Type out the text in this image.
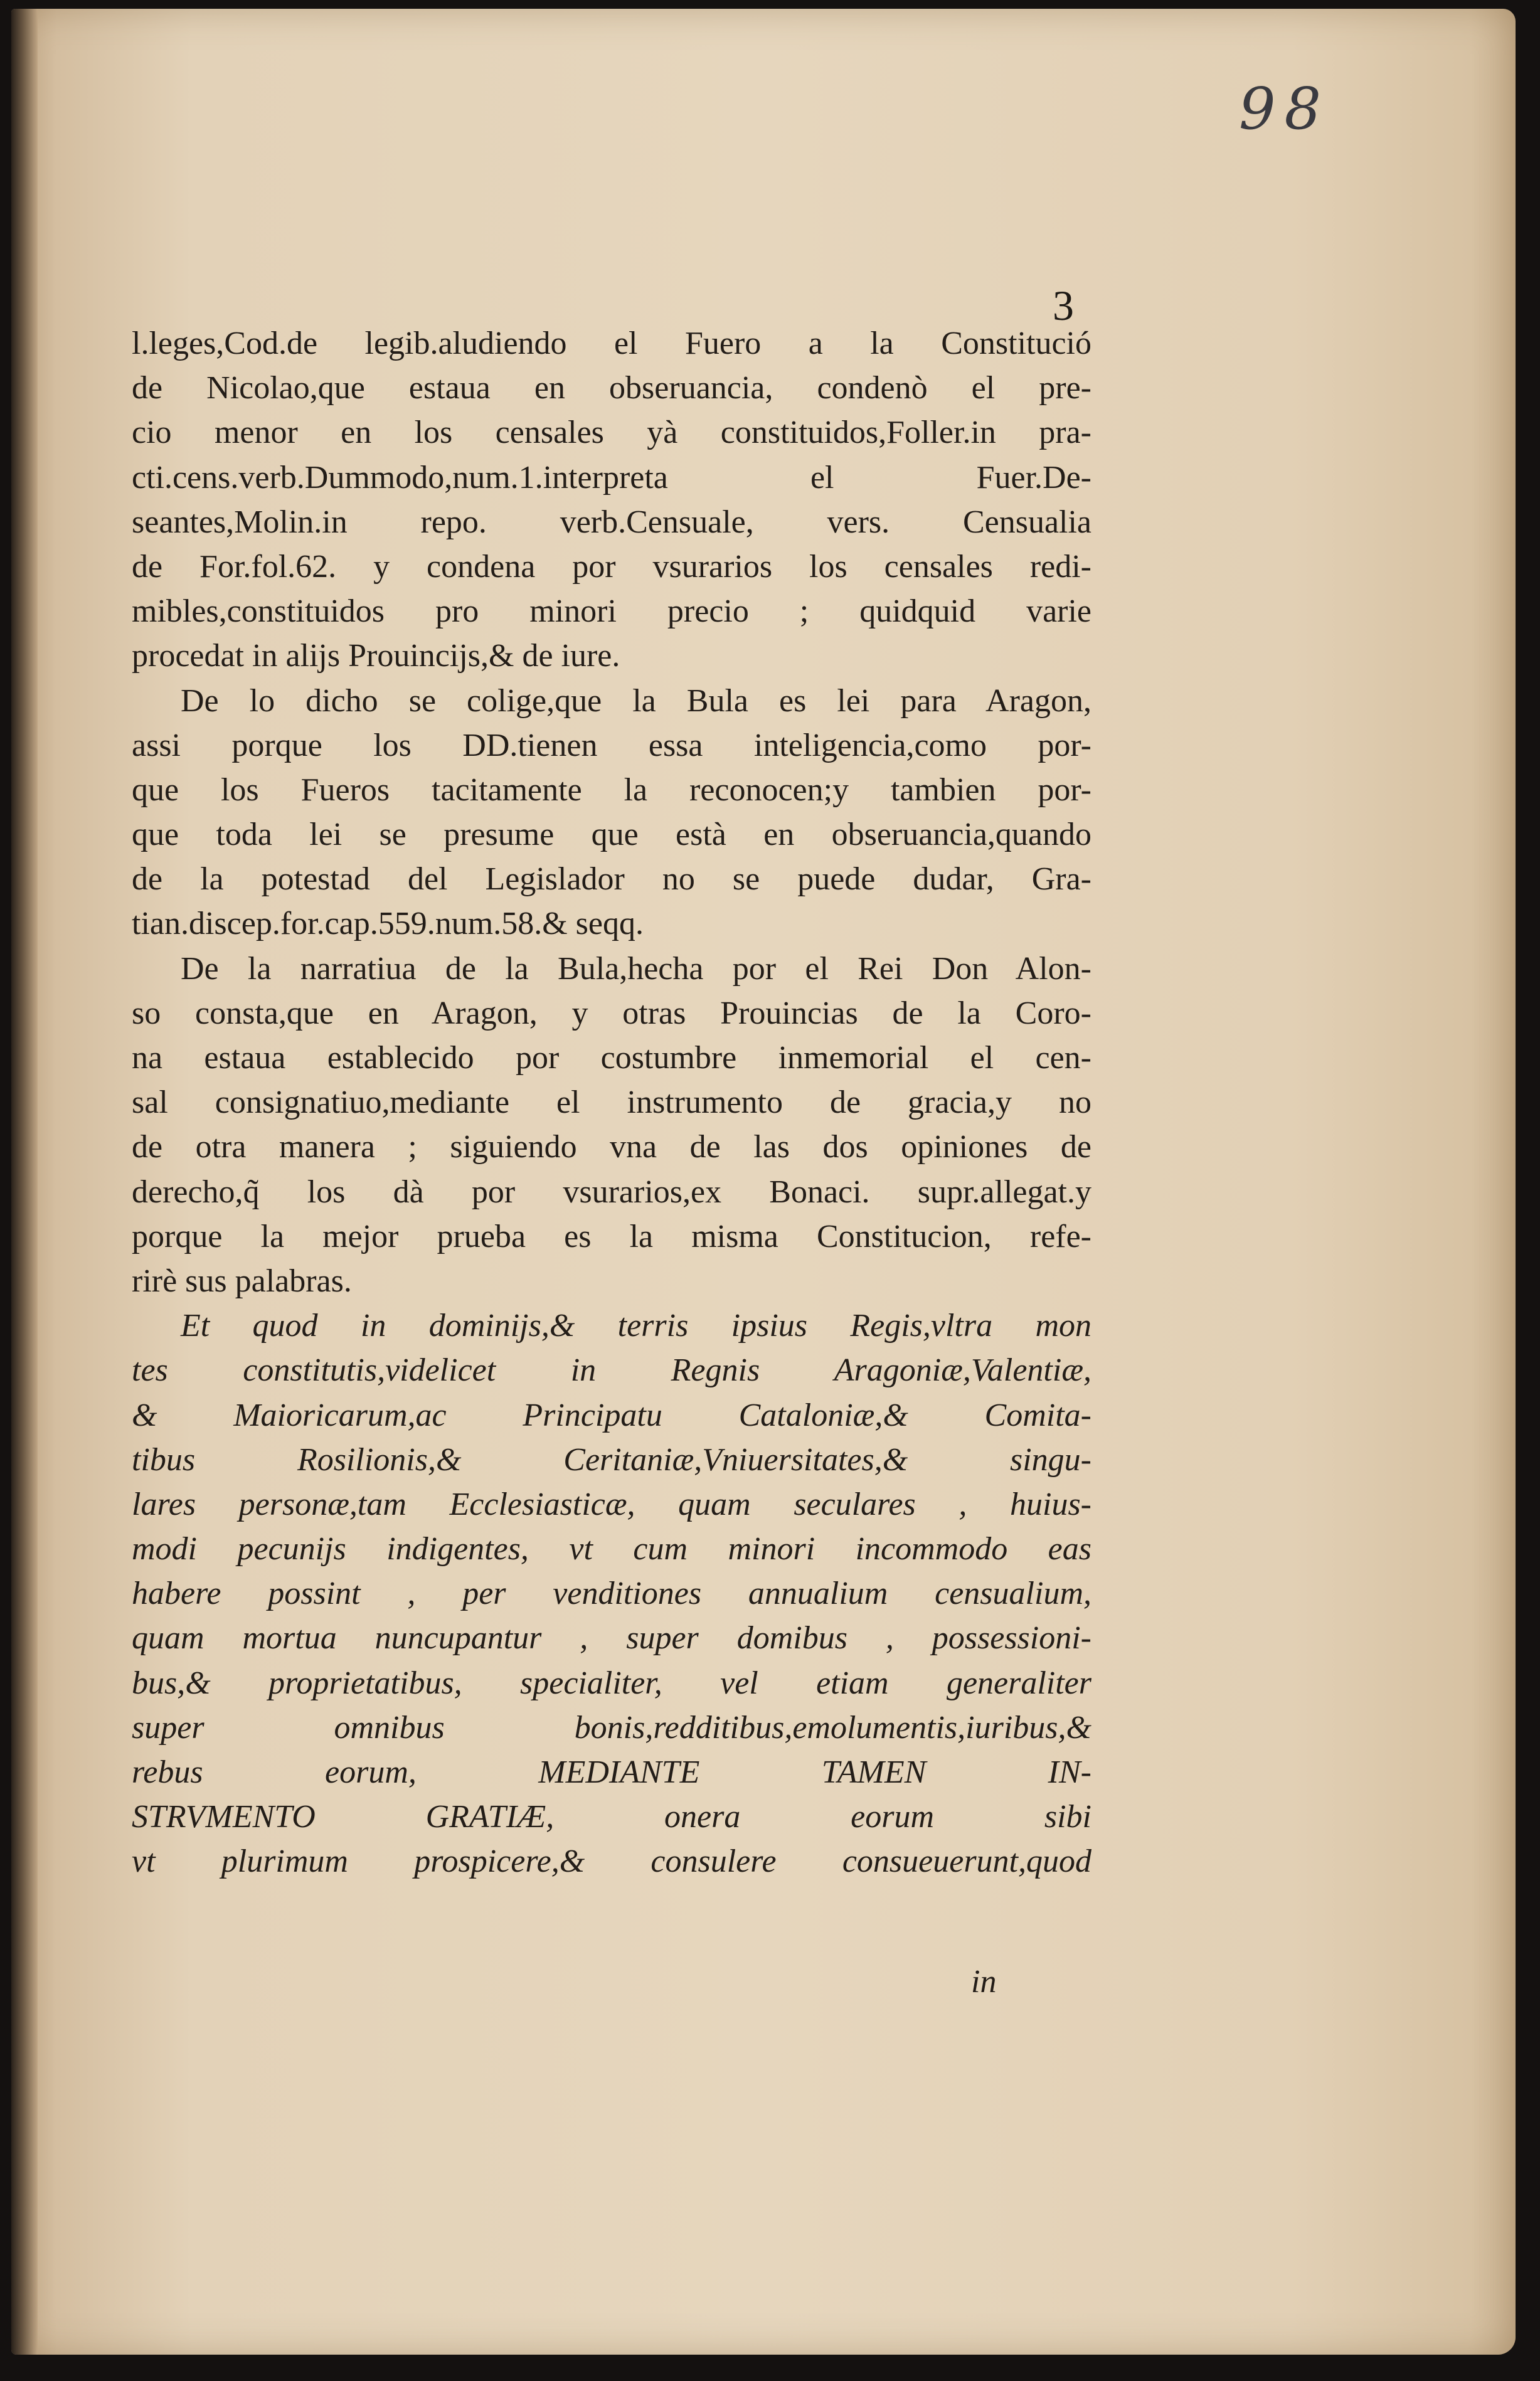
98
3
l.leges,Cod.de legib.aludiendo el Fuero a la Constitució
de Nicolao,que estaua en obseruancia, condenò el pre-
cio menor en los censales yà constituidos,Foller.in pra-
cti.cens.verb.Dummodo,num.1.interpreta el Fuer.De-
seantes,Molin.in repo. verb.Censuale, vers. Censualia
de For.fol.62. y condena por vsurarios los censales redi-
mibles,constituidos pro minori precio ; quidquid varie
procedat in alijs Prouincijs,& de iure.
De lo dicho se colige,que la Bula es lei para Aragon,
assi porque los DD.tienen essa inteligencia,como por-
que los Fueros tacitamente la reconocen;y tambien por-
que toda lei se presume que està en obseruancia,quando
de la potestad del Legislador no se puede dudar, Gra-
tian.discep.for.cap.559.num.58.& seqq.
De la narratiua de la Bula,hecha por el Rei Don Alon-
so consta,que en Aragon, y otras Prouincias de la Coro-
na estaua establecido por costumbre inmemorial el cen-
sal consignatiuo,mediante el instrumento de gracia,y no
de otra manera ; siguiendo vna de las dos opiniones de
derecho,q̃ los dà por vsurarios,ex Bonaci. supr.allegat.y
porque la mejor prueba es la misma Constitucion, refe-
rirè sus palabras.
Et quod in dominijs,& terris ipsius Regis,vltra mon
tes constitutis,videlicet in Regnis Aragoniæ,Valentiæ,
& Maioricarum,ac Principatu Cataloniæ,& Comita-
tibus Rosilionis,& Ceritaniæ,Vniuersitates,& singu-
lares personæ,tam Ecclesiasticæ, quam seculares , huius-
modi pecunijs indigentes, vt cum minori incommodo eas
habere possint , per venditiones annualium censualium,
quam mortua nuncupantur , super domibus , possessioni-
bus,& proprietatibus, specialiter, vel etiam generaliter
super omnibus bonis,redditibus,emolumentis,iuribus,&
rebus eorum, MEDIANTE TAMEN IN-
STRVMENTO GRATIÆ, onera eorum sibi
vt plurimum prospicere,& consulere consueuerunt,quod
in
